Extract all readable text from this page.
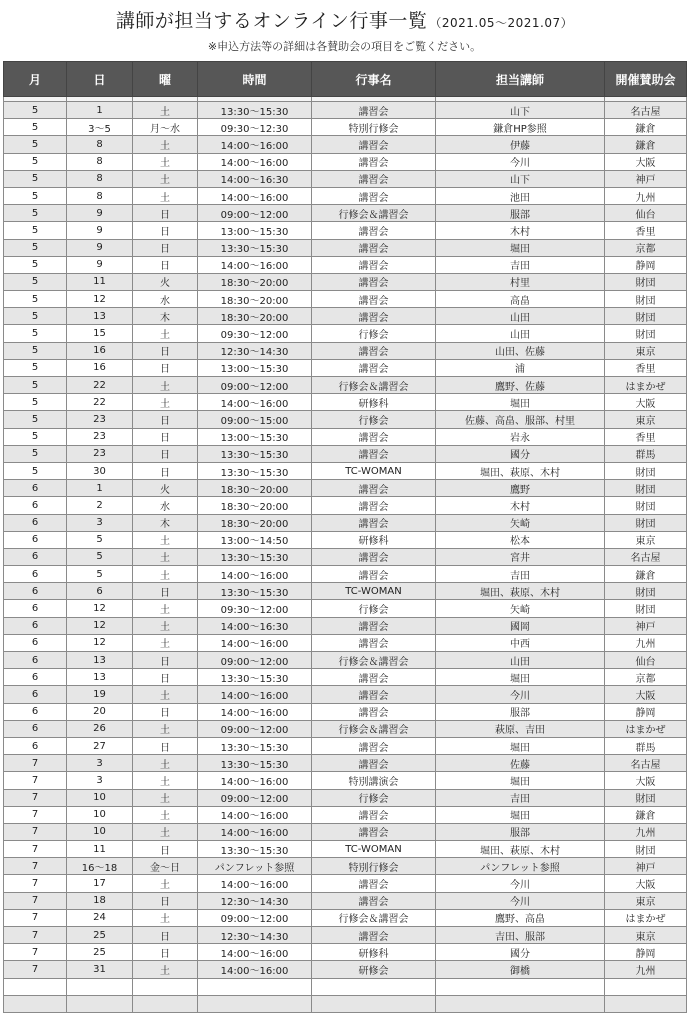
講師が担当するオンライン行事一覧 （2021.05〜2021.07）
※申込方法等の詳細は各賛助会の項目をご覧ください。
月	日	曜	時間	行事名	担当講師	開催賛助会

5	1	土	13:30〜15:30	講習会	山下	名古屋
5	3〜5	月〜水	09:30〜12:30	特別行修会	鎌倉HP参照	鎌倉
5	8	土	14:00〜16:00	講習会	伊藤	鎌倉
5	8	土	14:00〜16:00	講習会	今川	大阪
5	8	土	14:00〜16:30	講習会	山下	神戸
5	8	土	14:00〜16:00	講習会	池田	九州
5	9	日	09:00〜12:00	行修会＆講習会	服部	仙台
5	9	日	13:00〜15:30	講習会	木村	香里
5	9	日	13:30〜15:30	講習会	堀田	京都
5	9	日	14:00〜16:00	講習会	吉田	静岡
5	11	火	18:30〜20:00	講習会	村里	財団
5	12	水	18:30〜20:00	講習会	高畠	財団
5	13	木	18:30〜20:00	講習会	山田	財団
5	15	土	09:30〜12:00	行修会	山田	財団
5	16	日	12:30〜14:30	講習会	山田、佐藤	東京
5	16	日	13:00〜15:30	講習会	浦	香里
5	22	土	09:00〜12:00	行修会＆講習会	鷹野、佐藤	はまかぜ
5	22	土	14:00〜16:00	研修科	堀田	大阪
5	23	日	09:00〜15:00	行修会	佐藤、高畠、服部、村里	東京
5	23	日	13:00〜15:30	講習会	岩永	香里
5	23	日	13:30〜15:30	講習会	國分	群馬
5	30	日	13:30〜15:30	TC-WOMAN	堀田、萩原、木村	財団
6	1	火	18:30〜20:00	講習会	鷹野	財団
6	2	水	18:30〜20:00	講習会	木村	財団
6	3	木	18:30〜20:00	講習会	矢崎	財団
6	5	土	13:00〜14:50	研修科	松本	東京
6	5	土	13:30〜15:30	講習会	宮井	名古屋
6	5	土	14:00〜16:00	講習会	吉田	鎌倉
6	6	日	13:30〜15:30	TC-WOMAN	堀田、萩原、木村	財団
6	12	土	09:30〜12:00	行修会	矢崎	財団
6	12	土	14:00〜16:30	講習会	國岡	神戸
6	12	土	14:00〜16:00	講習会	中西	九州
6	13	日	09:00〜12:00	行修会＆講習会	山田	仙台
6	13	日	13:30〜15:30	講習会	堀田	京都
6	19	土	14:00〜16:00	講習会	今川	大阪
6	20	日	14:00〜16:00	講習会	服部	静岡
6	26	土	09:00〜12:00	行修会＆講習会	萩原、吉田	はまかぜ
6	27	日	13:30〜15:30	講習会	堀田	群馬
7	3	土	13:30〜15:30	講習会	佐藤	名古屋
7	3	土	14:00〜16:00	特別講演会	堀田	大阪
7	10	土	09:00〜12:00	行修会	吉田	財団
7	10	土	14:00〜16:00	講習会	堀田	鎌倉
7	10	土	14:00〜16:00	講習会	服部	九州
7	11	日	13:30〜15:30	TC-WOMAN	堀田、萩原、木村	財団
7	16〜18	金〜日	パンフレット参照	特別行修会	パンフレット参照	神戸
7	17	土	14:00〜16:00	講習会	今川	大阪
7	18	日	12:30〜14:30	講習会	今川	東京
7	24	土	09:00〜12:00	行修会＆講習会	鷹野、高畠	はまかぜ
7	25	日	12:30〜14:30	講習会	吉田、服部	東京
7	25	日	14:00〜16:00	研修科	國分	静岡
7	31	土	14:00〜16:00	研修会	御橋	九州
